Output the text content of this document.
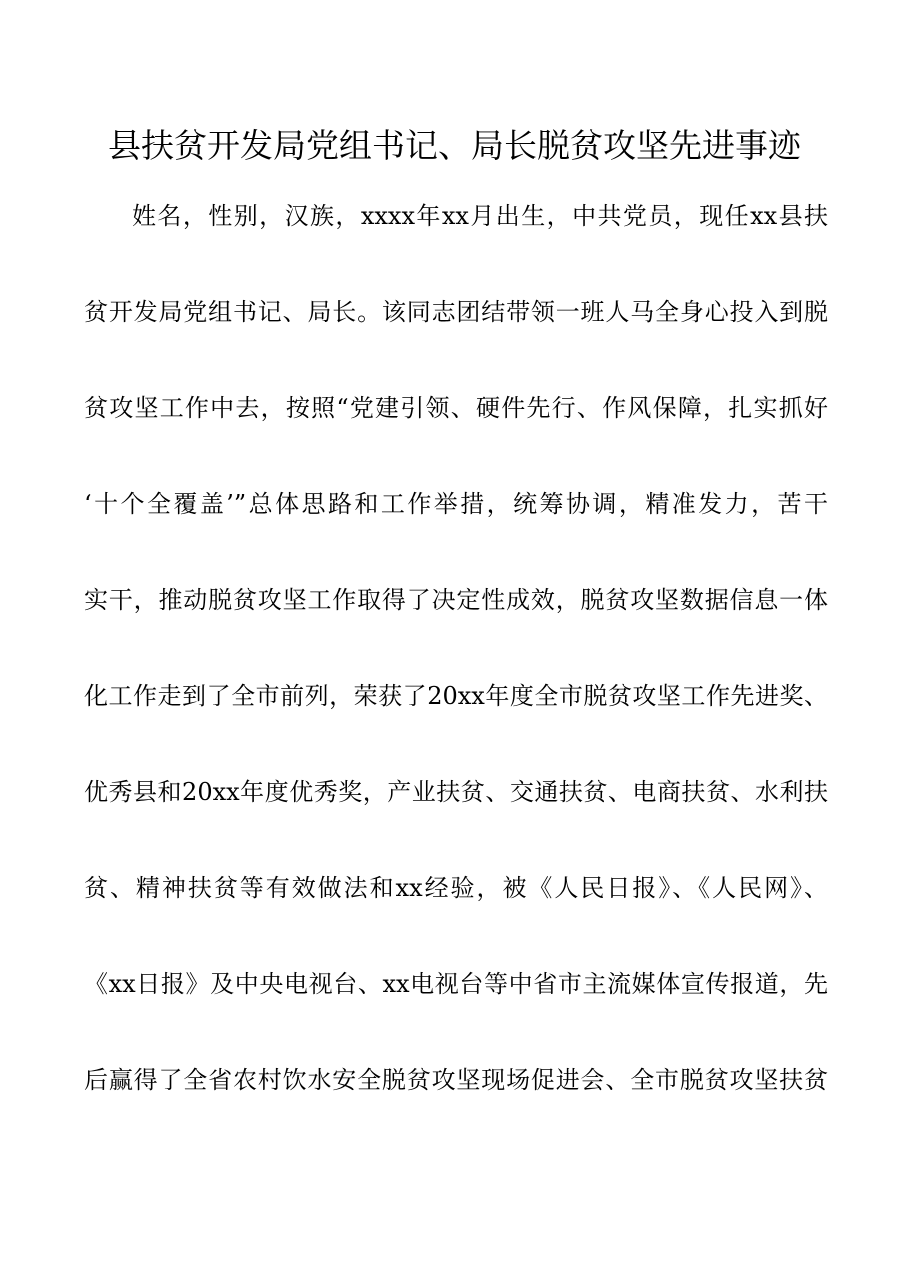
县扶贫开发局党组书记、局长脱贫攻坚先进事迹
姓名，性别，汉族，xxxx年xx月出生，中共党员，现任xx县扶
贫开发局党组书记、局长。该同志团结带领一班人马全身心投入到脱
贫攻坚工作中去，按照“党建引领、硬件先行、作风保障，扎实抓好
‘十个全覆盖’”总体思路和工作举措，统筹协调，精准发力，苦干
实干，推动脱贫攻坚工作取得了决定性成效，脱贫攻坚数据信息一体
化工作走到了全市前列，荣获了20xx年度全市脱贫攻坚工作先进奖、
优秀县和20xx年度优秀奖，产业扶贫、交通扶贫、电商扶贫、水利扶
贫、精神扶贫等有效做法和xx经验，被《人民日报》、《人民网》、
《xx日报》及中央电视台、xx电视台等中省市主流媒体宣传报道，先
后赢得了全省农村饮水安全脱贫攻坚现场促进会、全市脱贫攻坚扶贫
